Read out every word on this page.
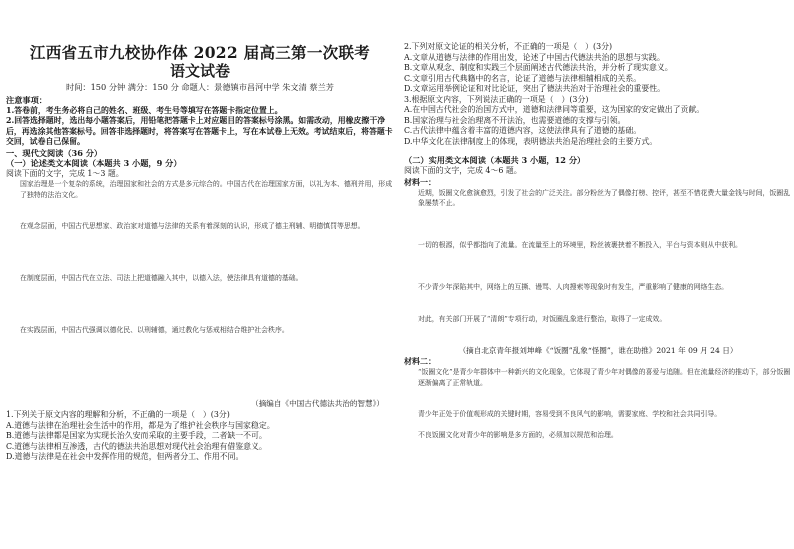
江西省五市九校协作体 2022 届高三第一次联考
语文试卷
时间：150 分钟 满分：150 分 命题人：景德镇市昌河中学 朱文清 蔡兰芳
注意事项：
1.答卷前，考生务必将自己的姓名、班级、考生号等填写在答题卡指定位置上。
2.回答选择题时，选出每小题答案后，用铅笔把答题卡上对应题目的答案标号涂黑。如需改动，用橡皮擦干净后，再选涂其他答案标号。回答非选择题时，将答案写在答题卡上，写在本试卷上无效。考试结束后，将答题卡交回，试卷自己保留。
一、现代文阅读（36 分）
（一）论述类文本阅读（本题共 3 小题，9 分）
阅读下面的文字，完成 1～3 题。
国家治理是一个复杂的系统，治理国家和社会的方式是多元综合的。中国古代在治理国家方面，以礼为本、德刑并用，形成了独特的法治文化。
在观念层面，中国古代思想家、政治家对道德与法律的关系有着深刻的认识，形成了德主刑辅、明德慎罚等思想。
在制度层面，中国古代在立法、司法上把道德融入其中，以德入法，使法律具有道德的基础。
在实践层面，中国古代强调以德化民、以刑辅德，通过教化与惩戒相结合维护社会秩序。
（摘编自《中国古代德法共治的智慧》）
1.下列关于原文内容的理解和分析，不正确的一项是（　）(3分)
A.道德与法律在治理社会生活中的作用，都是为了维护社会秩序与国家稳定。
B.道德与法律都是国家为实现长治久安而采取的主要手段，二者缺一不可。
C.道德与法律相互渗透，古代的德法共治思想对现代社会治理有借鉴意义。
D.道德与法律是在社会中发挥作用的规范，但两者分工、作用不同。
2.下列对原文论证的相关分析，不正确的一项是（　）(3分)
A.文章从道德与法律的作用出发，论述了中国古代德法共治的思想与实践。
B.文章从观念、制度和实践三个层面阐述古代德法共治，并分析了现实意义。
C.文章引用古代典籍中的名言，论证了道德与法律相辅相成的关系。
D.文章运用举例论证和对比论证，突出了德法共治对于治理社会的重要性。
3.根据原文内容，下列说法正确的一项是（　）(3分)
A.在中国古代社会的治国方式中，道德和法律同等重要，这为国家的安定做出了贡献。
B.国家治理与社会治理离不开法治，也需要道德的支撑与引领。
C.古代法律中蕴含着丰富的道德内容，这使法律具有了道德的基础。
D.中华文化在法律制度上的体现，表明德法共治是治理社会的主要方式。
（二）实用类文本阅读（本题共 3 小题，12 分）
阅读下面的文字，完成 4～6 题。
材料一：
近期，饭圈文化愈演愈烈，引发了社会的广泛关注。部分粉丝为了偶像打榜、控评，甚至不惜花费大量金钱与时间，饭圈乱象屡禁不止。
一切的根源，似乎都指向了流量。在流量至上的环境里，粉丝被裹挟着不断投入，平台与资本则从中获利。
不少青少年深陷其中，网络上的互撕、谩骂、人肉搜索等现象时有发生，严重影响了健康的网络生态。
对此，有关部门开展了“清朗”专项行动，对饭圈乱象进行整治，取得了一定成效。
（摘自北京青年报刘坤峰《“饭圈”乱象“怪圈”，谁在助推》2021 年 09 月 24 日）
材料二：
“饭圈文化”是青少年群体中一种新兴的文化现象，它体现了青少年对偶像的喜爱与追随。但在流量经济的推动下，部分饭圈逐渐偏离了正常轨道。
青少年正处于价值观形成的关键时期，容易受到不良风气的影响，需要家庭、学校和社会共同引导。
不良饭圈文化对青少年的影响是多方面的，必须加以规范和治理。
